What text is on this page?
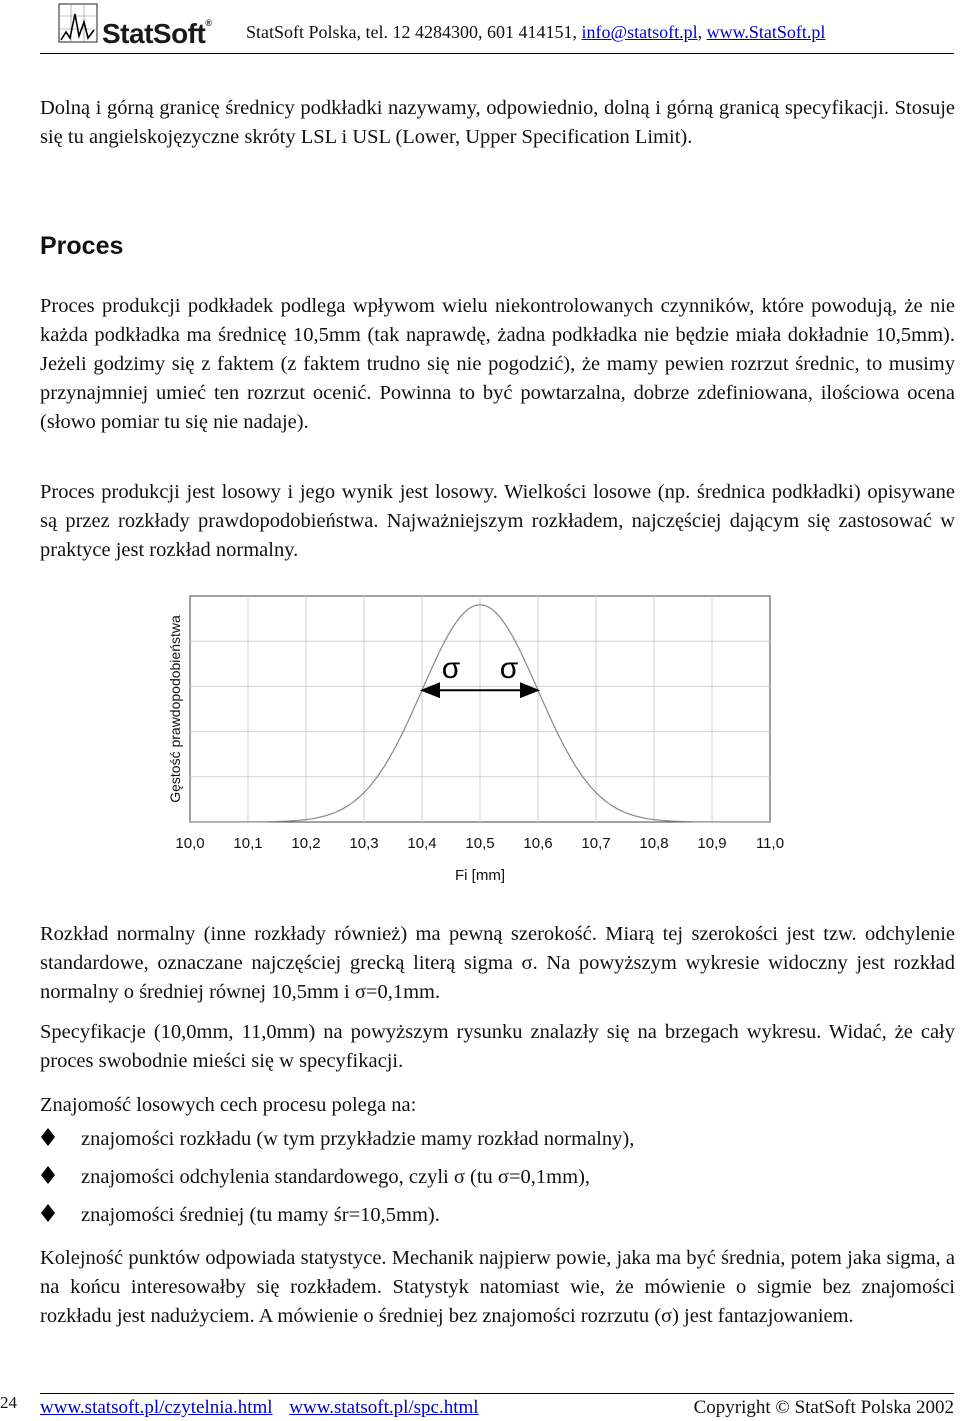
StatSoft® StatSoft Polska, tel. 12 4284300, 601 414151, info@statsoft.pl, www.StatSoft.pl

Dolną i górną granicę średnicy podkładki nazywamy, odpowiednio, dolną i górną granicą specyfikacji. Stosuje się tu angielskojęzyczne skróty LSL i USL (Lower, Upper Specification Limit).

Proces

Proces produkcji podkładek podlega wpływom wielu niekontrolowanych czynników, które powodują, że nie każda podkładka ma średnicę 10,5mm (tak naprawdę, żadna podkładka nie będzie miała dokładnie 10,5mm). Jeżeli godzimy się z faktem (z faktem trudno się nie pogodzić), że mamy pewien rozrzut średnic, to musimy przynajmniej umieć ten rozrzut ocenić. Powinna to być powtarzalna, dobrze zdefiniowana, ilościowa ocena (słowo pomiar tu się nie nadaje).

Proces produkcji jest losowy i jego wynik jest losowy. Wielkości losowe (np. średnica podkładki) opisywane są przez rozkłady prawdopodobieństwa. Najważniejszym rozkładem, najczęściej dającym się zastosować w praktyce jest rozkład normalny.

σ σ
10,0 10,1 10,2 10,3 10,4 10,5 10,6 10,7 10,8 10,9 11,0
Fi [mm]
Gęstość prawdopodobieństwa

Rozkład normalny (inne rozkłady również) ma pewną szerokość. Miarą tej szerokości jest tzw. odchylenie standardowe, oznaczane najczęściej grecką literą sigma σ. Na powyższym wykresie widoczny jest rozkład normalny o średniej równej 10,5mm i σ=0,1mm.

Specyfikacje (10,0mm, 11,0mm) na powyższym rysunku znalazły się na brzegach wykresu. Widać, że cały proces swobodnie mieści się w specyfikacji.

Znajomość losowych cech procesu polega na:

znajomości rozkładu (w tym przykładzie mamy rozkład normalny),
znajomości odchylenia standardowego, czyli σ (tu σ=0,1mm),
znajomości średniej (tu mamy śr=10,5mm).

Kolejność punktów odpowiada statystyce. Mechanik najpierw powie, jaka ma być średnia, potem jaka sigma, a na końcu interesowałby się rozkładem. Statystyk natomiast wie, że mówienie o sigmie bez znajomości rozkładu jest nadużyciem. A mówienie o średniej bez znajomości rozrzutu (σ) jest fantazjowaniem.

24 www.statsoft.pl/czytelnia.html www.statsoft.pl/spc.html	Copyright © StatSoft Polska 2002
